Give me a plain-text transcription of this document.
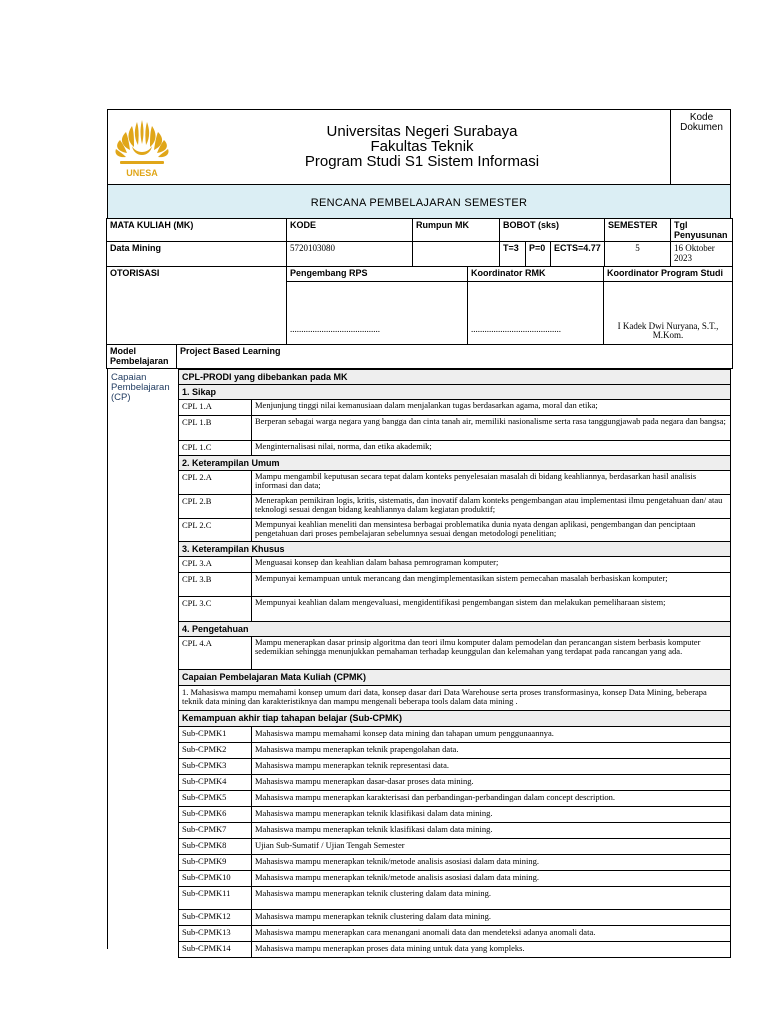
UNESA
Universitas Negeri Surabaya
Fakultas Teknik
Program Studi S1 Sistem Informasi
Kode
Dokumen
RENCANA PEMBELAJARAN SEMESTER
MATA KULIAH (MK)	KODE	Rumpun MK	BOBOT (sks)			SEMESTER	Tgl Penyusunan
Data Mining	5720103080		T=3	P=0	ECTS=4.77	5	16 Oktober 2023
OTORISASI	Pengembang RPS	Koordinator RMK	Koordinator Program Studi
	........................................	........................................	I Kadek Dwi Nuryana, S.T.,
M.Kom.
Model Pembelajaran	Project Based Learning
Capaian Pembelajaran (CP)
CPL-PRODI yang dibebankan pada MK
1. Sikap
CPL 1.A	Menjunjung tinggi nilai kemanusiaan dalam menjalankan tugas berdasarkan agama, moral dan etika;
CPL 1.B	Berperan sebagai warga negara yang bangga dan cinta tanah air, memiliki nasionalisme serta rasa tanggungjawab pada negara dan bangsa;
CPL 1.C	Menginternalisasi nilai, norma, dan etika akademik;
2. Keterampilan Umum
CPL 2.A	Mampu mengambil keputusan secara tepat dalam konteks penyelesaian masalah di bidang keahliannya, berdasarkan hasil analisis informasi dan data;
CPL 2.B	Menerapkan pemikiran logis, kritis, sistematis, dan inovatif dalam konteks pengembangan atau implementasi ilmu pengetahuan dan/ atau teknologi sesuai dengan bidang keahliannya dalam kegiatan produktif;
CPL 2.C	Mempunyai keahlian meneliti dan mensintesa berbagai problematika dunia nyata dengan aplikasi, pengembangan dan penciptaan pengetahuan dari proses pembelajaran sebelumnya sesuai dengan metodologi penelitian;
3. Keterampilan Khusus
CPL 3.A	Menguasai konsep dan keahlian dalam bahasa pemrograman komputer;
CPL 3.B	Mempunyai kemampuan untuk merancang dan mengimplementasikan sistem pemecahan masalah berbasiskan komputer;
CPL 3.C	Mempunyai keahlian dalam mengevaluasi, mengidentifikasi pengembangan sistem dan melakukan pemeliharaan sistem;
4. Pengetahuan
CPL 4.A	Mampu menerapkan dasar prinsip algoritma dan teori ilmu komputer dalam pemodelan dan perancangan sistem berbasis komputer sedemikian sehingga menunjukkan pemahaman terhadap keunggulan dan kelemahan yang terdapat pada rancangan yang ada.
Capaian Pembelajaran Mata Kuliah (CPMK)
1. Mahasiswa mampu memahami konsep umum dari data, konsep dasar dari Data Warehouse serta proses transformasinya, konsep Data Mining, beberapa teknik data mining dan karakteristiknya dan mampu mengenali beberapa tools dalam data mining .
Kemampuan akhir tiap tahapan belajar (Sub-CPMK)
Sub-CPMK1	Mahasiswa mampu memahami konsep data mining dan tahapan umum penggunaannya.
Sub-CPMK2	Mahasiswa mampu menerapkan teknik prapengolahan data.
Sub-CPMK3	Mahasiswa mampu menerapkan teknik representasi data.
Sub-CPMK4	Mahasiswa mampu menerapkan dasar-dasar proses data mining.
Sub-CPMK5	Mahasiswa mampu menerapkan karakterisasi dan perbandingan-perbandingan dalam concept description.
Sub-CPMK6	Mahasiswa mampu menerapkan teknik klasifikasi dalam data mining.
Sub-CPMK7	Mahasiswa mampu menerapkan teknik klasifikasi dalam data mining.
Sub-CPMK8	Ujian Sub-Sumatif / Ujian Tengah Semester
Sub-CPMK9	Mahasiswa mampu menerapkan teknik/metode analisis asosiasi dalam data mining.
Sub-CPMK10	Mahasiswa mampu menerapkan teknik/metode analisis asosiasi dalam data mining.
Sub-CPMK11	Mahasiswa mampu menerapkan teknik clustering dalam data mining.
Sub-CPMK12	Mahasiswa mampu menerapkan teknik clustering dalam data mining.
Sub-CPMK13	Mahasiswa mampu menerapkan cara menangani anomali data dan mendeteksi adanya anomali data.
Sub-CPMK14	Mahasiswa mampu menerapkan proses data mining untuk data yang kompleks.
